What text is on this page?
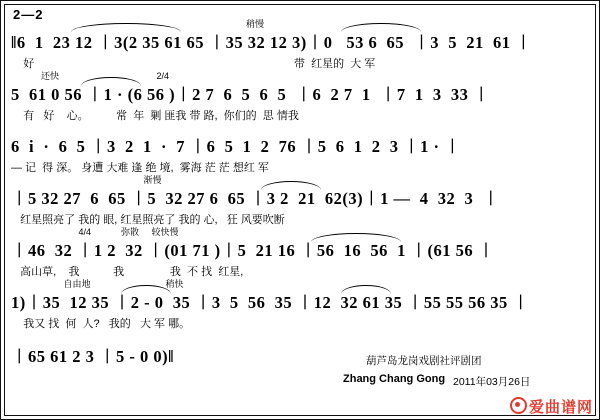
2—2
稍慢
‖6  1  23 12 ︱3(2 35 61 65 ︱35 32 12 3)︱0   53 6  65  ︱3  5  21  61 ︱
好                                                                                     带  红星的  大 军
还快                                       2/4
5  61 0 56 ︱1 · (6 56 )︱2 7  6  5  6  5  ︱6  2 7  1  ︱7  1  3  33 ︱
有   好    心。         常  年  剿 匪我 带 路,  你们的  思 情我
6  i  ·  6  5 ︱3  2  1  ·  7 ︱6  5  1  2  76 ︱5  6  1  2  3 ︱1 · ︱
— 记  得 深。 身遭 大难 逢 绝 境,  雾海 茫 茫 想红 军
渐慢
︱5 32 27  6  65 ︱5  32 27 6  65 ︱3 2  21  62(3)︱1 —  4  32  3  ︱
红星照亮了 我的 眼, 红星照亮了 我的 心,   狂 风要吹断
4/4            弥散     较快慢
︱46  32 ︱1 2  32 ︱(01 71 )︱5  21 16 ︱56  16  56  1 ︱(61 56 ︱
高山草,    我           我               我  不 找  红星,
自由地                              稍快
1)︱35  12 35 ︱2 - 0  35 ︱3  5  56  35 ︱12  32 61 35 ︱55 55 56 35 ︱
我又 找  何  人?   我的   大 军 哪。
︱65 61 2 3 ︱5 - 0 0)‖	葫芦岛龙岗戏剧社评剧团
Zhang Chang Gong 2011年03月26日
爱曲谱网
